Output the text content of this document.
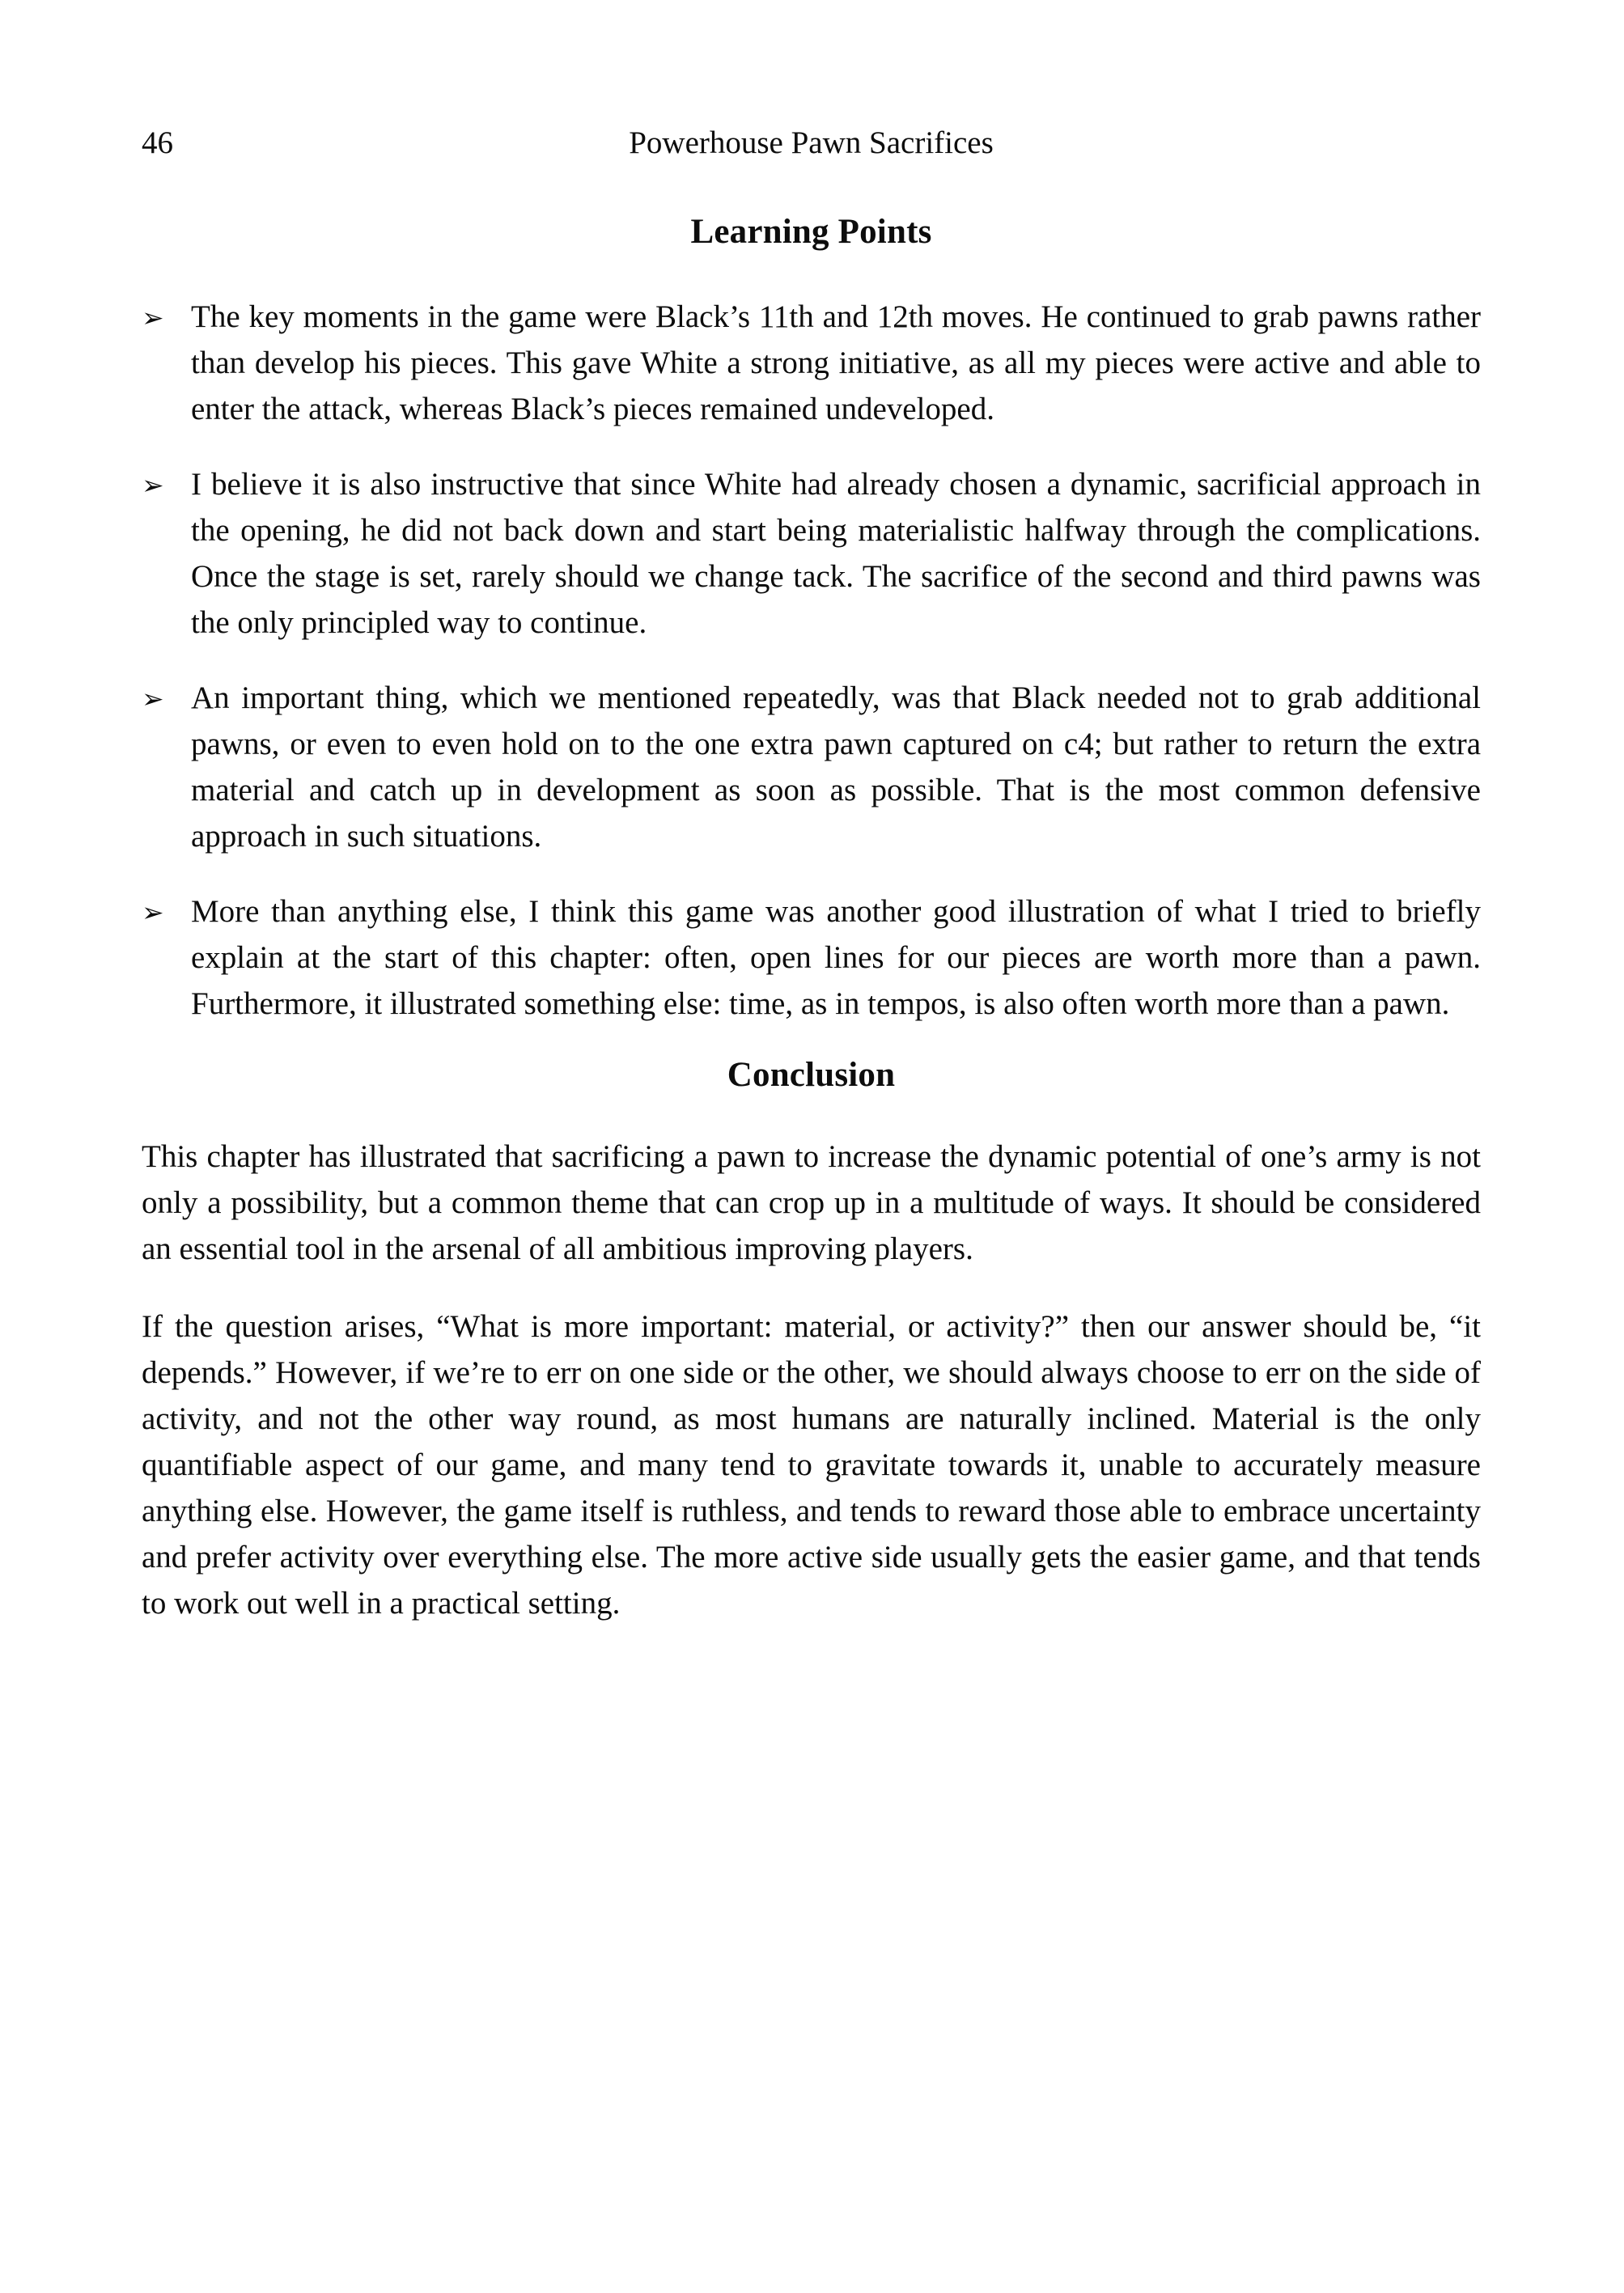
46	Powerhouse Pawn Sacrifices
Learning Points
➢ The key moments in the game were Black’s 11th and 12th moves. He continued to grab pawns rather than develop his pieces. This gave White a strong initiative, as all my pieces were active and able to enter the attack, whereas Black’s pieces remained undeveloped.
➢ I believe it is also instructive that since White had already chosen a dynamic, sacrificial approach in the opening, he did not back down and start being materialistic halfway through the complications. Once the stage is set, rarely should we change tack. The sacrifice of the second and third pawns was the only principled way to continue.
➢ An important thing, which we mentioned repeatedly, was that Black needed not to grab additional pawns, or even to even hold on to the one extra pawn captured on c4; but rather to return the extra material and catch up in development as soon as possible. That is the most common defensive approach in such situations.
➢ More than anything else, I think this game was another good illustration of what I tried to briefly explain at the start of this chapter: often, open lines for our pieces are worth more than a pawn. Furthermore, it illustrated something else: time, as in tempos, is also often worth more than a pawn.
Conclusion

This chapter has illustrated that sacrificing a pawn to increase the dynamic potential of one’s army is not only a possibility, but a common theme that can crop up in a multitude of ways. It should be considered an essential tool in the arsenal of all ambitious improving players.

If the question arises, “What is more important: material, or activity?” then our answer should be, “it depends.” However, if we’re to err on one side or the other, we should always choose to err on the side of activity, and not the other way round, as most humans are naturally inclined. Material is the only quantifiable aspect of our game, and many tend to gravitate towards it, unable to accurately measure anything else. However, the game itself is ruthless, and tends to reward those able to embrace uncertainty and prefer activity over everything else. The more active side usually gets the easier game, and that tends to work out well in a practical setting.
